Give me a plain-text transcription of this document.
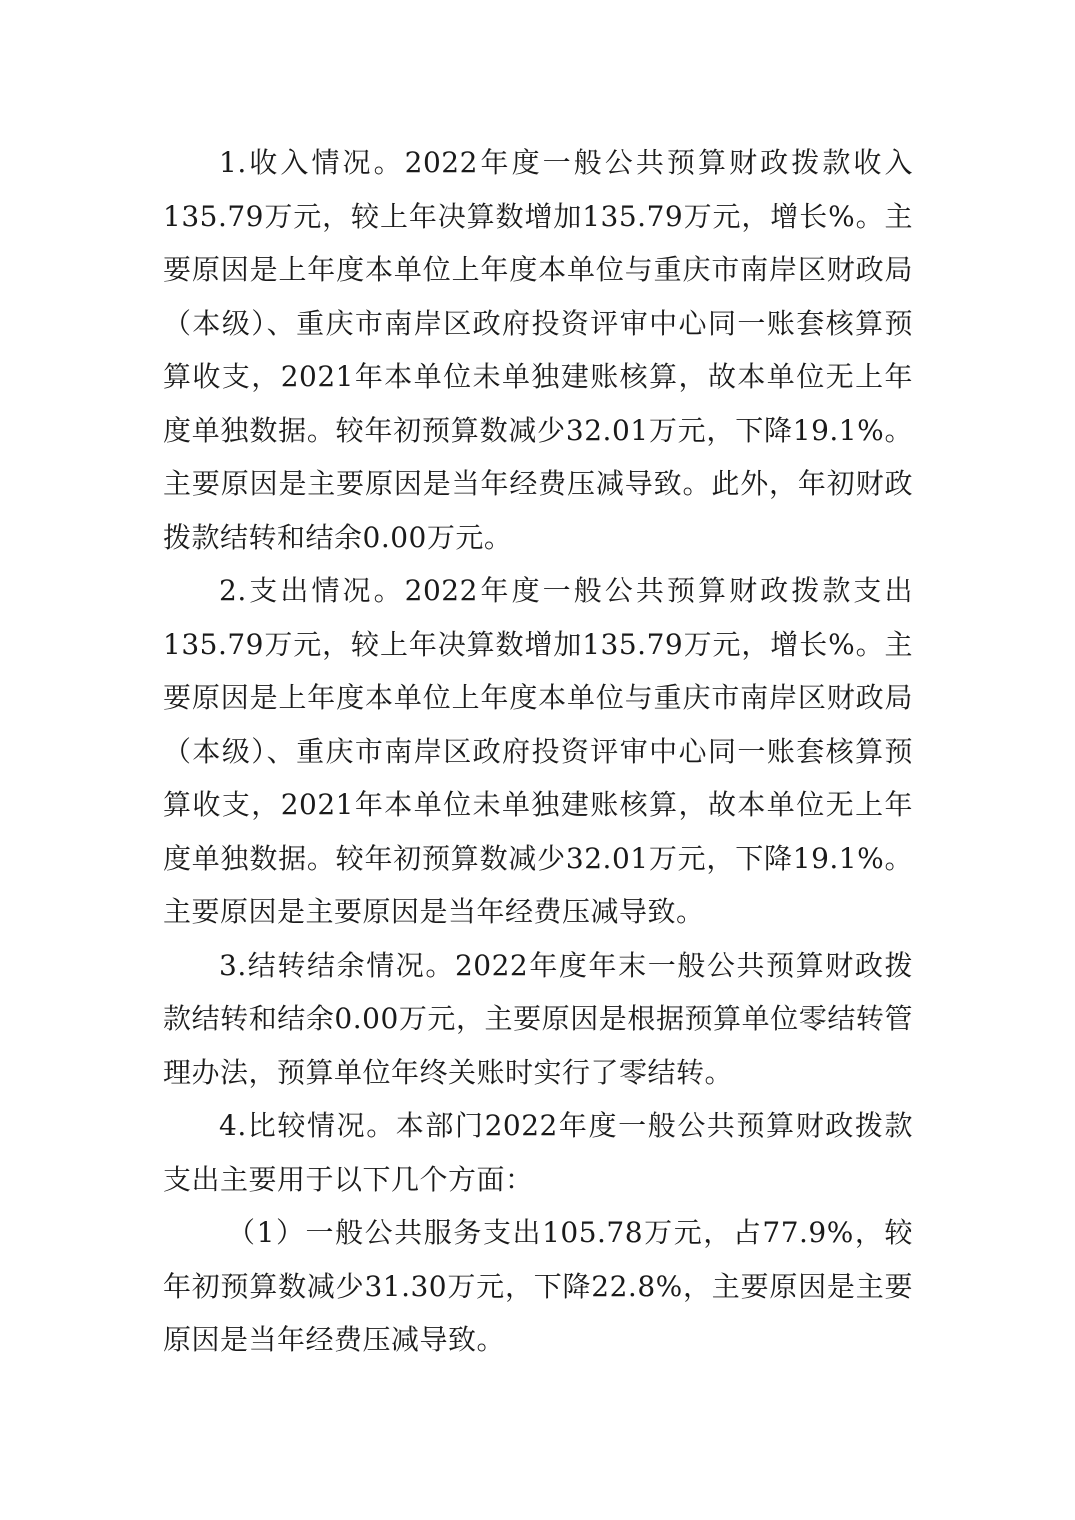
1.收入情况。2022年度一般公共预算财政拨款收入135.79万元，较上年决算数增加135.79万元，增长%。主要原因是上年度本单位上年度本单位与重庆市南岸区财政局（本级）、重庆市南岸区政府投资评审中心同一账套核算预算收支，2021年本单位未单独建账核算，故本单位无上年度单独数据。较年初预算数减少32.01万元，下降19.1%。主要原因是主要原因是当年经费压减导致。此外，年初财政拨款结转和结余0.00万元。

2.支出情况。2022年度一般公共预算财政拨款支出135.79万元，较上年决算数增加135.79万元，增长%。主要原因是上年度本单位上年度本单位与重庆市南岸区财政局（本级）、重庆市南岸区政府投资评审中心同一账套核算预算收支，2021年本单位未单独建账核算，故本单位无上年度单独数据。较年初预算数减少32.01万元，下降19.1%。主要原因是主要原因是当年经费压减导致。

3.结转结余情况。2022年度年末一般公共预算财政拨款结转和结余0.00万元，主要原因是根据预算单位零结转管理办法，预算单位年终关账时实行了零结转。

4.比较情况。本部门2022年度一般公共预算财政拨款支出主要用于以下几个方面：

（1）一般公共服务支出105.78万元，占77.9%，较年初预算数减少31.30万元，下降22.8%，主要原因是主要原因是当年经费压减导致。
